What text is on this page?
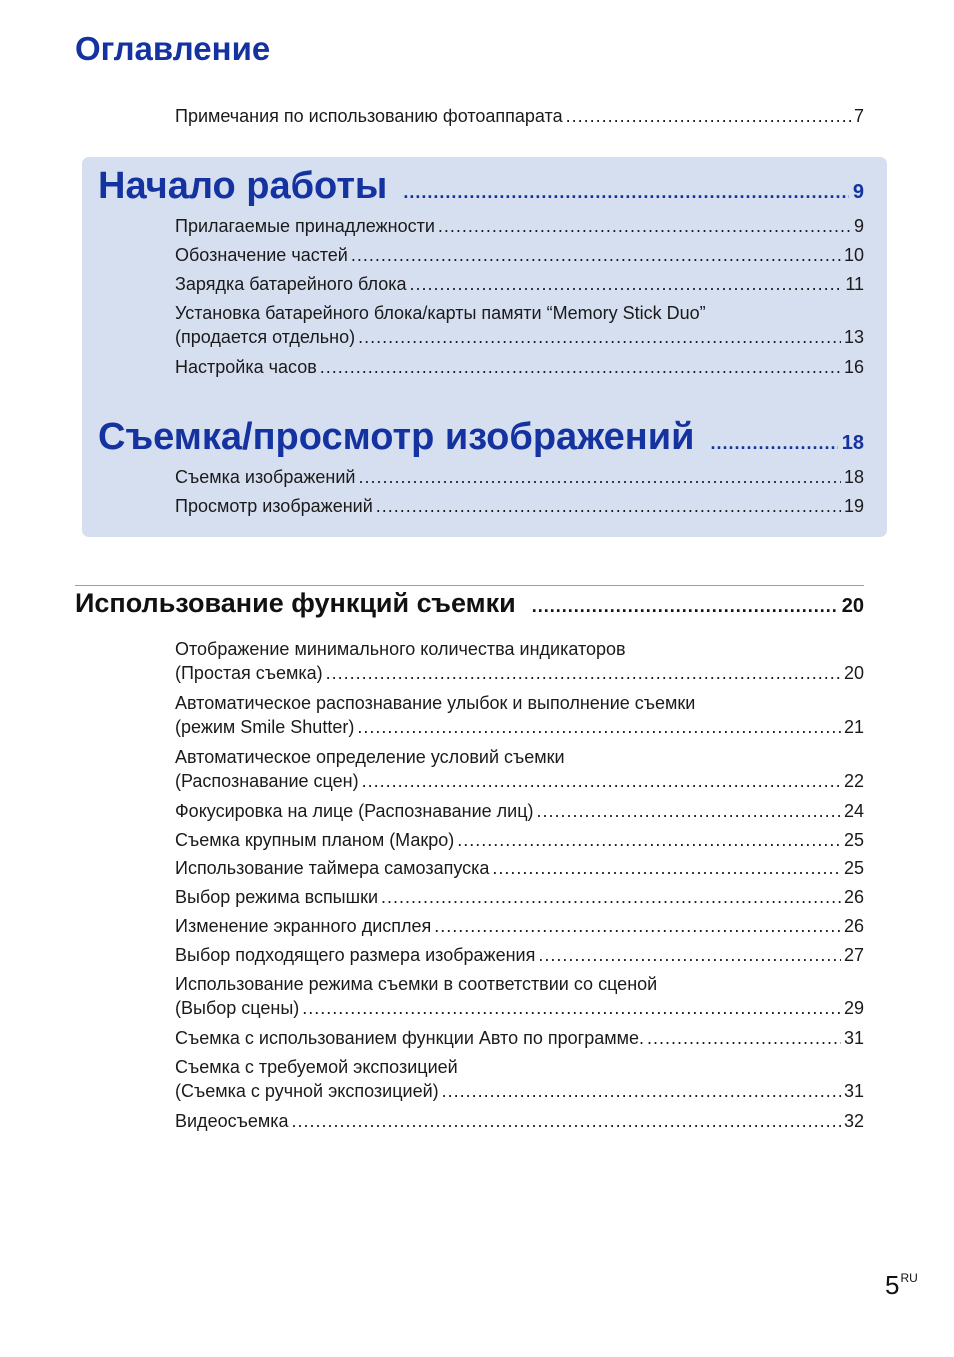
Оглавление
Примечания по использованию фотоаппарата .....	7
Начало работы .....	9
Прилагаемые принадлежности .....	9
Обозначение частей .....	10
Зарядка батарейного блока .....	11
Установка батарейного блока/карты памяти “Memory Stick Duo”
(продается отдельно) .....	13
Настройка часов .....	16
Съемка/просмотр изображений .....	18
Съемка изображений .....	18
Просмотр изображений .....	19
Использование функций съемки .....	20
Отображение минимального количества индикаторов
(Простая съемка) .....	20
Автоматическое распознавание улыбок и выполнение съемки
(режим Smile Shutter) .....	21
Автоматическое определение условий съемки
(Распознавание сцен) .....	22
Фокусировка на лице (Распознавание лиц) .....	24
Съемка крупным планом (Макро) .....	25
Использование таймера самозапуска .....	25
Выбор режима вспышки .....	26
Изменение экранного дисплея .....	26
Выбор подходящего размера изображения .....	27
Использование режима съемки в соответствии со сценой
(Выбор сцены) .....	29
Съемка с использованием функции Авто по программе. .....	31
Съемка с требуемой экспозицией
(Съемка с ручной экспозицией) .....	31
Видеосъемка .....	32
$5^{RU}$
